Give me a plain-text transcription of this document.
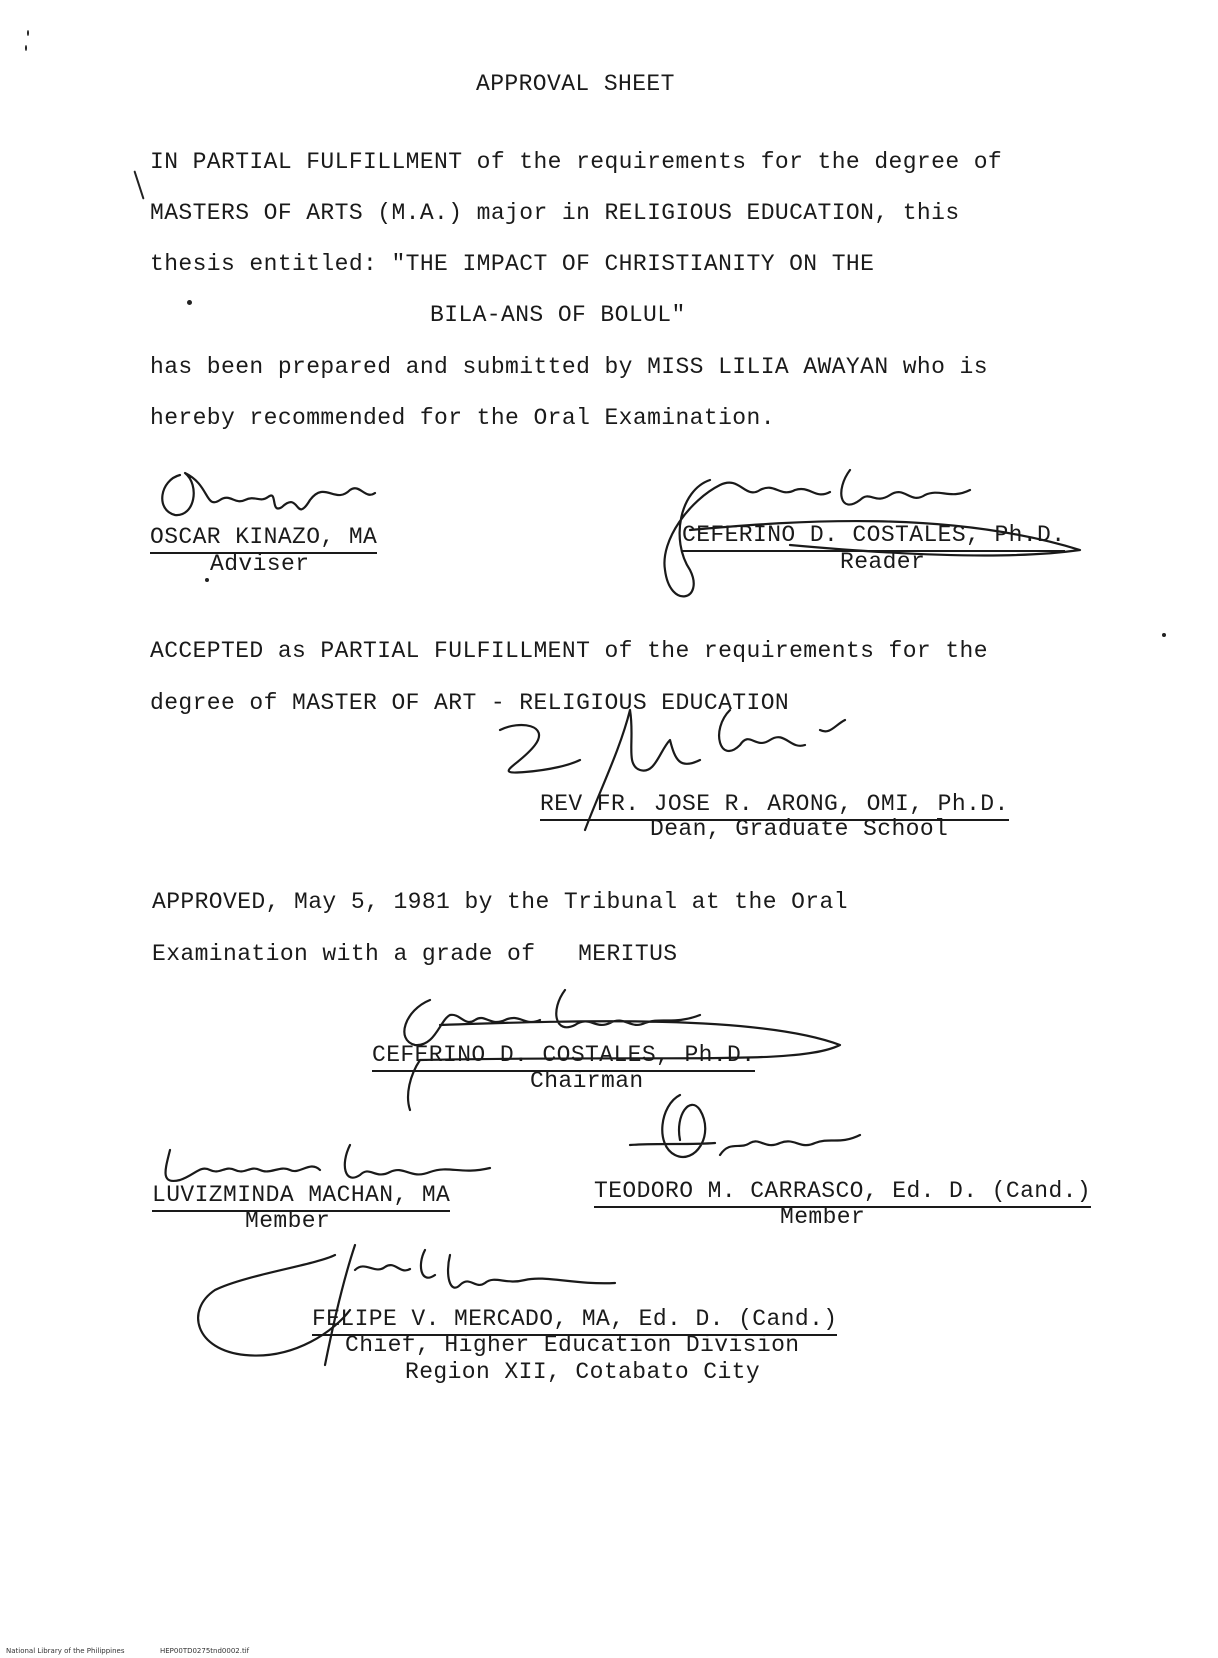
APPROVAL SHEET
IN PARTIAL FULFILLMENT of the requirements for the degree of
MASTERS OF ARTS (M.A.) major in RELIGIOUS EDUCATION, this
thesis entitled: "THE IMPACT OF CHRISTIANITY ON THE
BILA-ANS OF BOLUL"
has been prepared and submitted by MISS LILIA AWAYAN who is
hereby recommended for the Oral Examination.
OSCAR KINAZO, MA
Adviser
CEFERINO D. COSTALES, Ph.D.
Reader
ACCEPTED as PARTIAL FULFILLMENT of the requirements for the
degree of MASTER OF ART - RELIGIOUS EDUCATION
REV FR. JOSE R. ARONG, OMI, Ph.D.
Dean, Graduate School
APPROVED, May 5, 1981 by the Tribunal at the Oral
Examination with a grade of   MERITUS
CEFERINO D. COSTALES, Ph.D.
Chairman
LUVIZMINDA MACHAN, MA
Member
TEODORO M. CARRASCO, Ed. D. (Cand.)
Member
FELIPE V. MERCADO, MA, Ed. D. (Cand.)
Chief, Higher Education Division
Region XII, Cotabato City
National Library of the Philippines	HEP00TD0275tnd0002.tif
